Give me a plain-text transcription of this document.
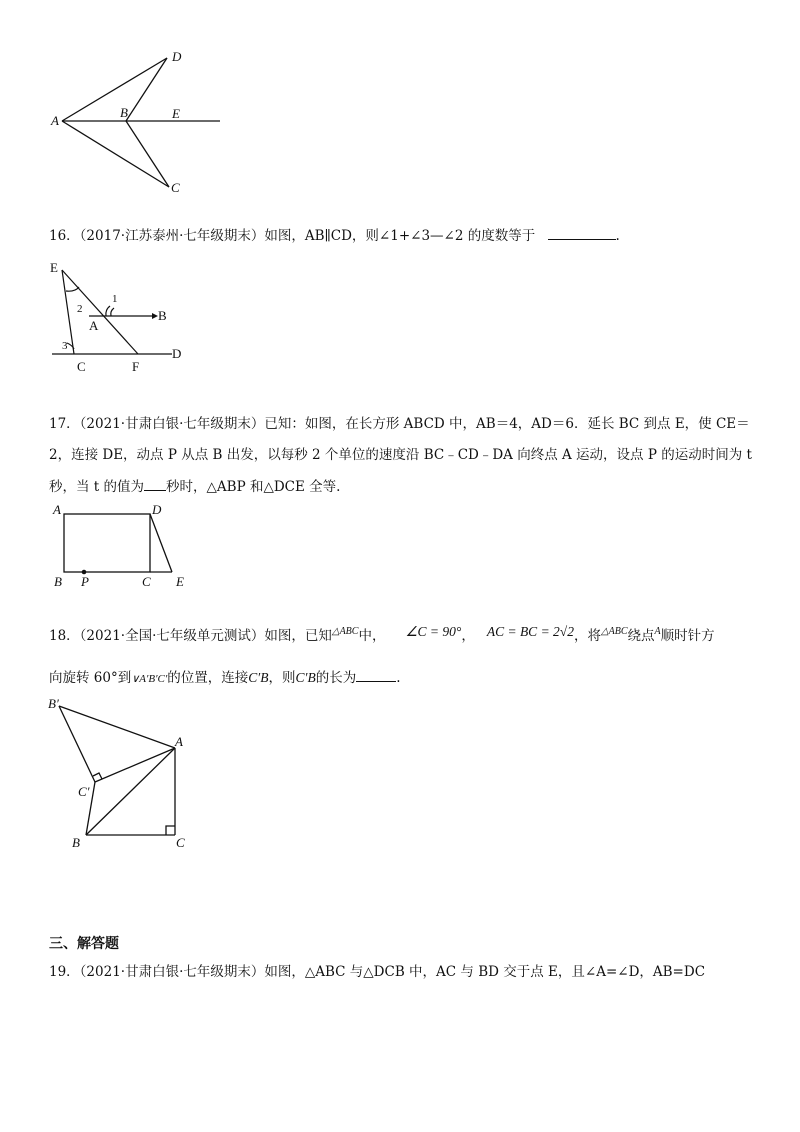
A
B
D
E
C
16．（2017·江苏泰州·七年级期末）如图，AB∥CD，则∠1+∠3—∠2 的度数等于	.
E
B
C	F
D
A
1
2
3
17．（2021·甘肃白银·七年级期末）已知：如图，在长方形 ABCD 中，AB＝4，AD＝6．延长 BC 到点 E，使 CE＝
2，连接 DE，动点 P 从点 B 出发，以每秒 2 个单位的速度沿 BC﹣CD﹣DA 向终点 A 运动，设点 P 的运动时间为 t
秒，当 t 的值为 秒时，△ABP 和△DCE 全等.
A	D
B P	C E
18．（2021·全国·七年级单元测试）如图，已知$^{\triangle ABC}$中， ∠C = 90°， AC = BC = 2√2，将$^{\triangle ABC}$绕点$^A$顺时针方
向旋转 60°到∨A′B′C′的位置，连接C′B，则C′B的长为	.
B′
A
C′
B	C
三、解答题
19．（2021·甘肃白银·七年级期末）如图，△ABC 与△DCB 中，AC 与 BD 交于点 E，且∠A=∠D，AB=DC
